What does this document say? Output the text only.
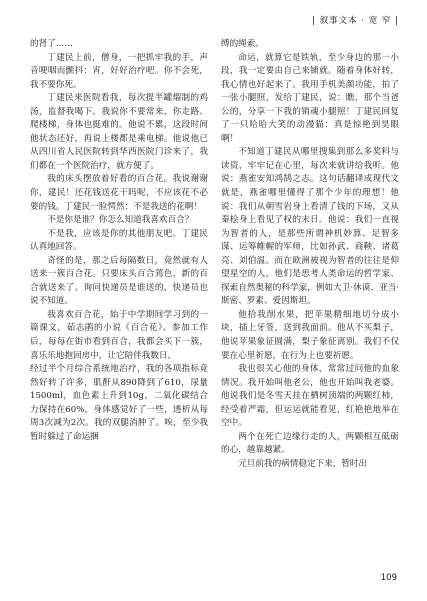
| 叙事文本 · 宽 窄 |

的肾了……

丁建民上前，僧身，一把抓牢我的手，声音哽咽而颤抖：宵，好好治疗吧。你不会死，我不要你死。

丁建民来医院看我，每次提半罐熘制的鸡汤，监督我喝下。我说你不要常来，你走路、爬楼梯，身体也挺难的。他说不累，这段时间他状态还好，再说上楼都是乘电梯。他说他已从四川省人民医院转到华西医院门诊来了，我们都在一个医院治疗，就方便了。

我的床头摆放着好看的百合花。我说谢谢你，建民！还花钱送花干吗呢，不应该花不必要的钱。丁建民一脸愕然：不是我送的花啊！

不是你是谁？你怎么知道我喜欢百合？

不是我，应该是你的其他朋友吧。丁建民认真地回答。

奇怪的是，那之后每隔数日，竟然就有人送来一簇百合花。只要床头百合蔫色，新的百合就送来了。询问快递员是谁送的，快递员也说不知道。

我喜欢百合花，始于中学期间学习到的一篇课文，茹志鹃的小说《百合花》。参加工作后，每每在街市看到百合，我都会买下一簇，喜乐乐地抱回房中，让它陪伴我数日。

经过半个月综合系统地治疗，我的各项指标竟然好转了许多，肌酐从890降到了610，尿量1500ml，血色素上升到10g，二氧化碳结合力保持在60%，身体感觉好了一些，透析从每周3次减为2次。我的双腿消肿了。唉，至少我暂时躲过了命运捆

缚的绳索。

命运，就算它是铁轨，至少身边的那一小段，我一定要由自己来铺就。随着身体好转，我心情也好起来了。我用手机美颜功能，拍了一张小腿照，发给丁建民，说：瞧，那个当爸公的，分享一下我的销魂小腿照！丁建民回复了一只哈哈大笑的动漫猫：真是惊艳到昊眼啊！

不知道丁建民从哪里搜集到那么多奖料与读资，牢牢记在心里，每次来就讲给我听。他说：燕雀安知鸿鹄之志。这句话翻译成现代文就是，燕雀哪里懂得了那个少年的理想！他说：我们从朝雪岩身上看清了钱的下场，又从秦桧身上看见了权的末日。他说：我们一直视为智者的人，是那些所谓神机妙算、足智多谋、运筹帷幄的军师，比如孙武、商鞅、诸葛亮、刘伯温。而在欧洲被视为智者的往往是仰望星空的人，他们是思考人类命运的哲学家、探索自然奥秘的科学家，例如大卫·休谟、亚当·斯密、罗素、爱因斯坦。

他拾我削水果，把苹果精细地切分成小块，插上牙签，送到我面前。他从不买梨子，他说苹果象征圆满，梨子象征离别。我们不仅要在心里祈愿，在行为上也要祈愿。

我也很关心他的身体，常常过问他的血象情况。我开始叫他老公，他也开始叫我老婆。他说我们是冬雪天挂在栖树顶端的两颗红柿，经受着严霜，但运运就能看见，红艳艳地举在空中。

两个在死亡边缘行走的人，两颗相互砥砺的心，越靠越紧。

元旦前我的病情稳定下来，暂时出

109
